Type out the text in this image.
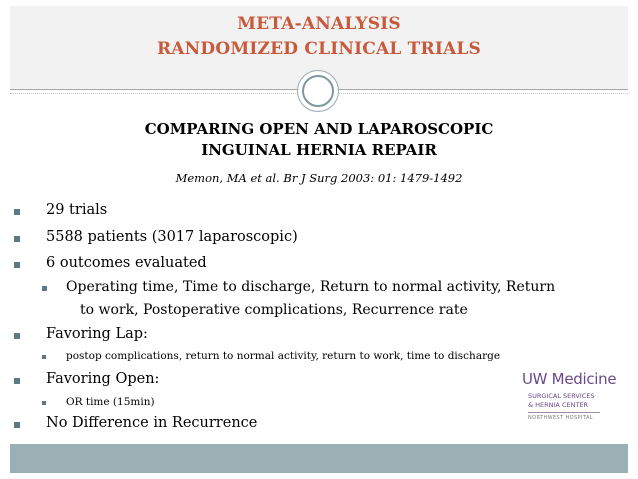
META-ANALYSIS
RANDOMIZED CLINICAL TRIALS
COMPARING OPEN AND LAPAROSCOPIC
INGUINAL HERNIA REPAIR
Memon, MA et al. Br J Surg 2003: 01: 1479-1492
29 trials
5588 patients (3017 laparoscopic)
6 outcomes evaluated
Operating time, Time to discharge, Return to normal activity, Return
to work, Postoperative complications, Recurrence rate
Favoring Lap:
postop complications, return to normal activity, return to work, time to discharge
Favoring Open:
OR time (15min)
No Difference in Recurrence
UW Medicine
SURGICAL SERVICES
& HERNIA CENTER
NORTHWEST HOSPITAL
